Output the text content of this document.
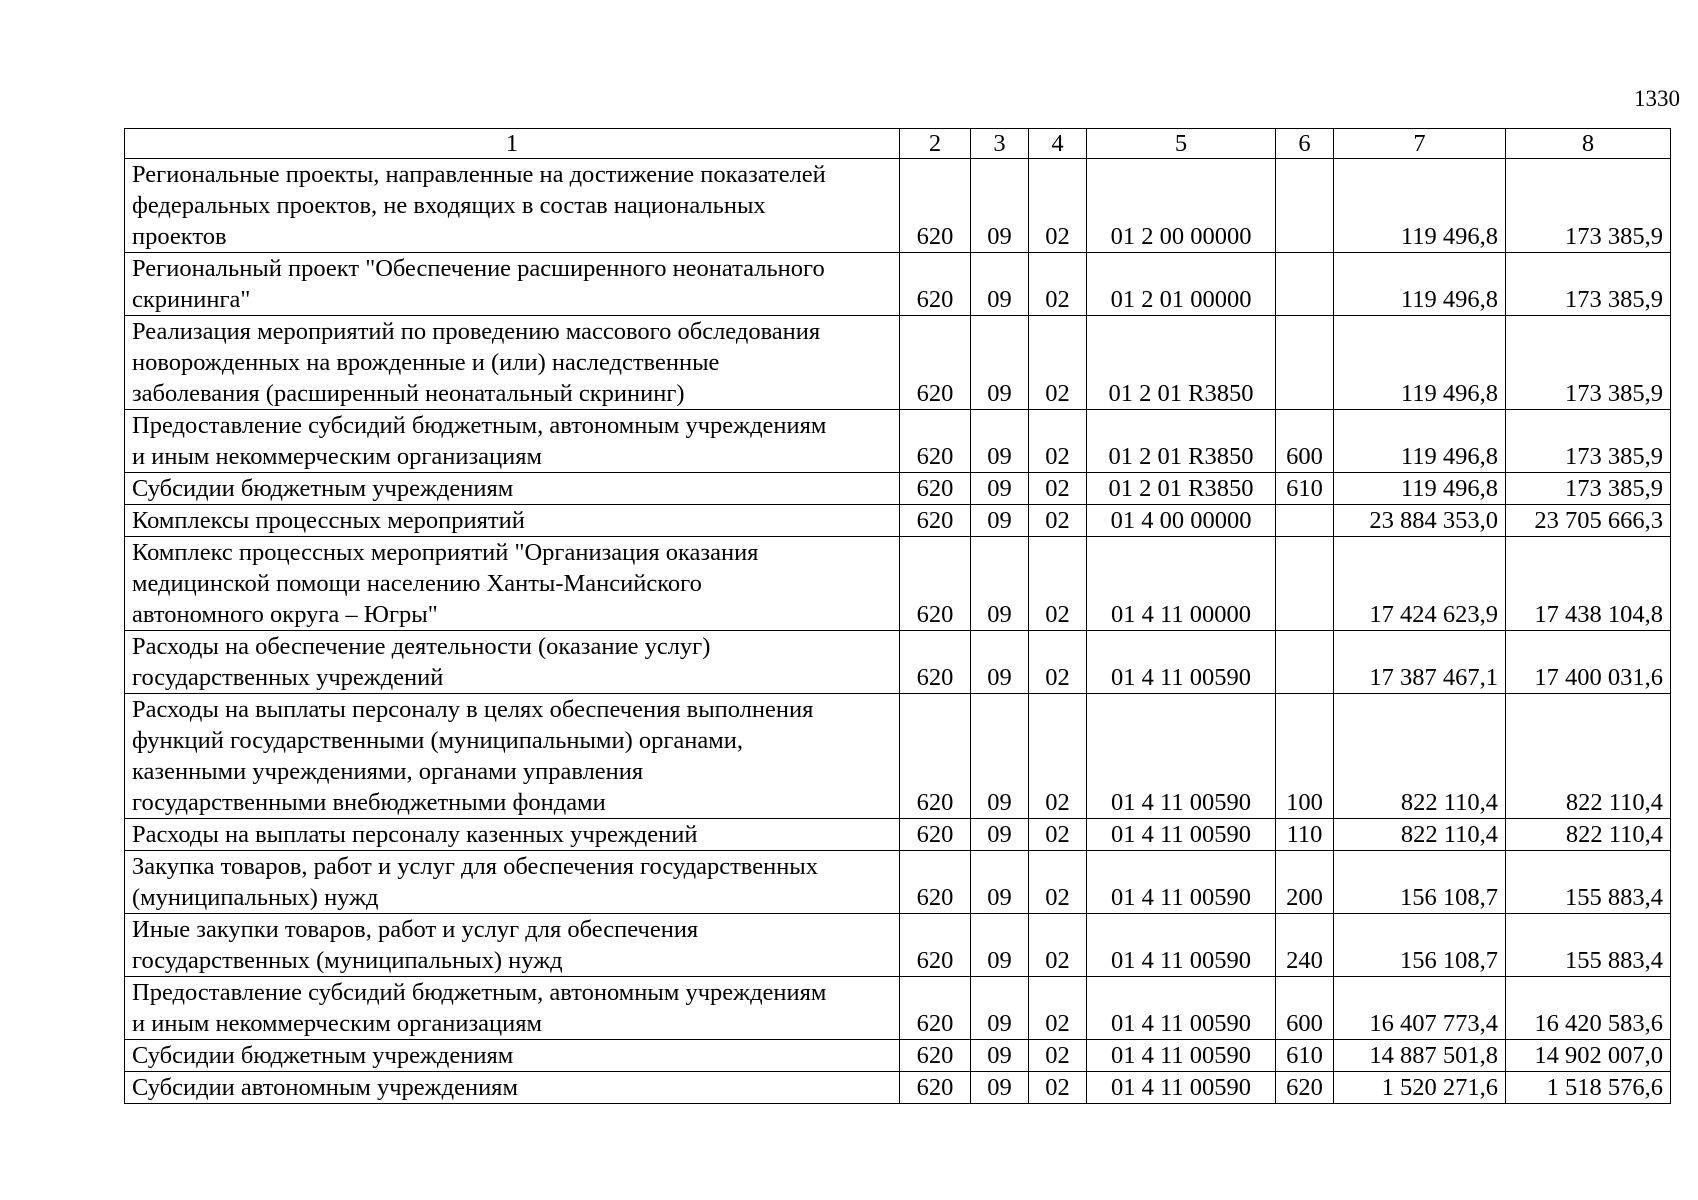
1330
1	2	3	4	5	6	7	8
Региональные проекты, направленные на достижение показателей
федеральных проектов, не входящих в состав национальных
проектов	620	09	02	01 2 00 00000		119 496,8	173 385,9
Региональный проект "Обеспечение расширенного неонатального
скрининга"	620	09	02	01 2 01 00000		119 496,8	173 385,9
Реализация мероприятий по проведению массового обследования
новорожденных на врожденные и (или) наследственные
заболевания (расширенный неонатальный скрининг)	620	09	02	01 2 01 R3850		119 496,8	173 385,9
Предоставление субсидий бюджетным, автономным учреждениям
и иным некоммерческим организациям	620	09	02	01 2 01 R3850	600	119 496,8	173 385,9
Субсидии бюджетным учреждениям	620	09	02	01 2 01 R3850	610	119 496,8	173 385,9
Комплексы процессных мероприятий	620	09	02	01 4 00 00000		23 884 353,0	23 705 666,3
Комплекс процессных мероприятий "Организация оказания
медицинской помощи населению Ханты-Мансийского
автономного округа – Югры"	620	09	02	01 4 11 00000		17 424 623,9	17 438 104,8
Расходы на обеспечение деятельности (оказание услуг)
государственных учреждений	620	09	02	01 4 11 00590		17 387 467,1	17 400 031,6
Расходы на выплаты персоналу в целях обеспечения выполнения
функций государственными (муниципальными) органами,
казенными учреждениями, органами управления
государственными внебюджетными фондами	620	09	02	01 4 11 00590	100	822 110,4	822 110,4
Расходы на выплаты персоналу казенных учреждений	620	09	02	01 4 11 00590	110	822 110,4	822 110,4
Закупка товаров, работ и услуг для обеспечения государственных
(муниципальных) нужд	620	09	02	01 4 11 00590	200	156 108,7	155 883,4
Иные закупки товаров, работ и услуг для обеспечения
государственных (муниципальных) нужд	620	09	02	01 4 11 00590	240	156 108,7	155 883,4
Предоставление субсидий бюджетным, автономным учреждениям
и иным некоммерческим организациям	620	09	02	01 4 11 00590	600	16 407 773,4	16 420 583,6
Субсидии бюджетным учреждениям	620	09	02	01 4 11 00590	610	14 887 501,8	14 902 007,0
Субсидии автономным учреждениям	620	09	02	01 4 11 00590	620	1 520 271,6	1 518 576,6
